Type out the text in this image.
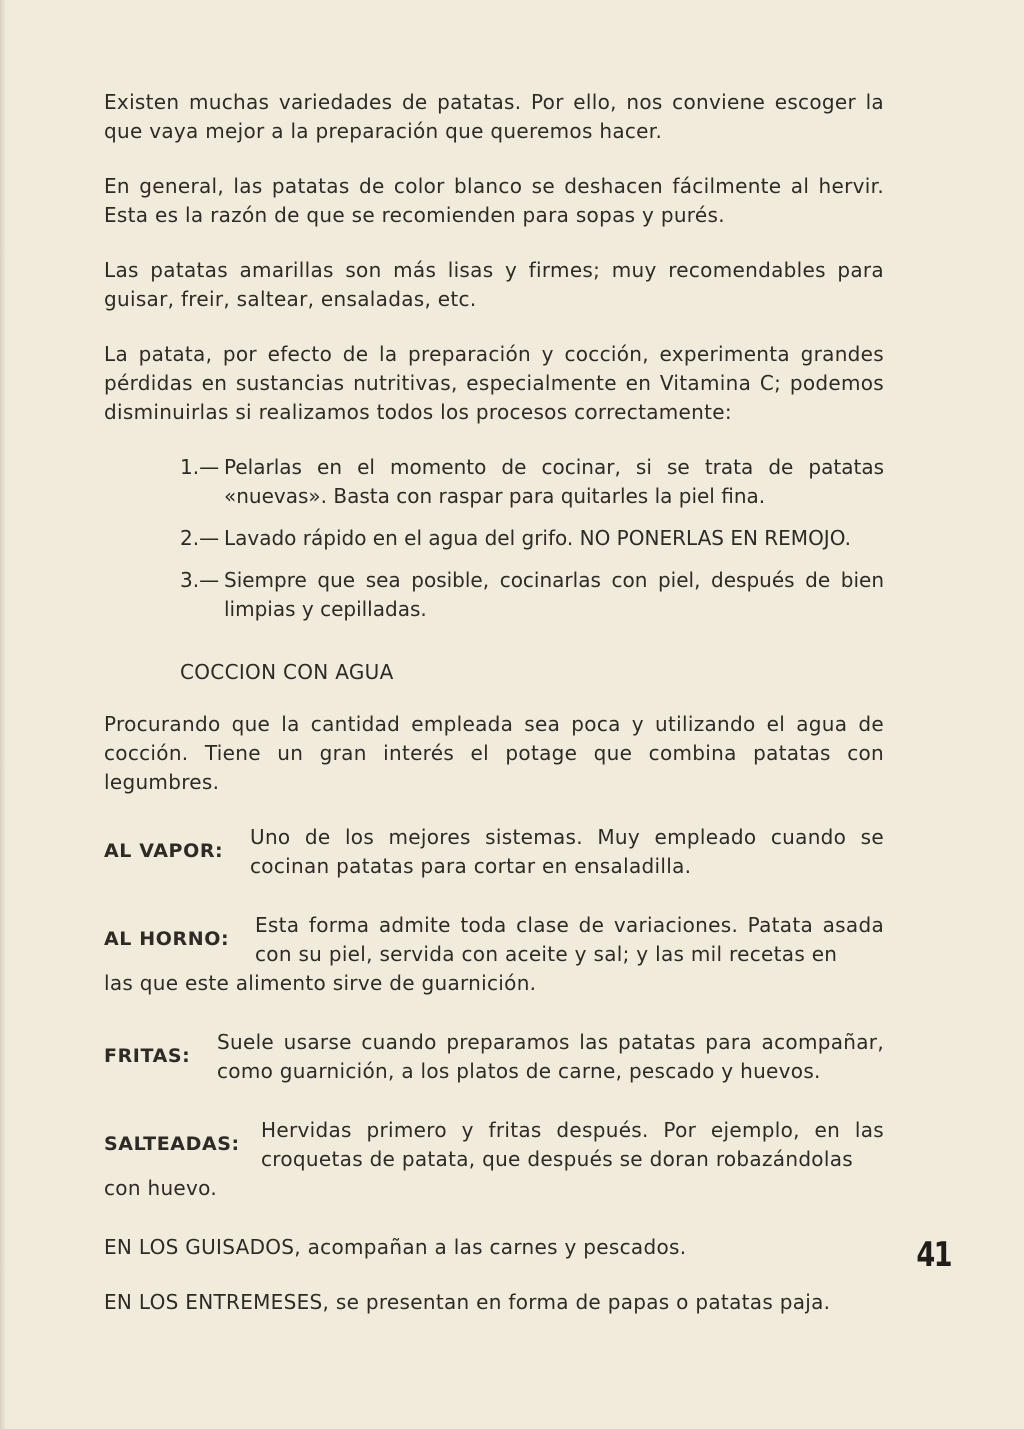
Existen muchas variedades de patatas. Por ello, nos conviene escoger la que vaya mejor a la preparación que queremos hacer.

En general, las patatas de color blanco se deshacen fácilmente al hervir. Esta es la razón de que se recomienden para sopas y purés.

Las patatas amarillas son más lisas y firmes; muy recomendables para guisar, freir, saltear, ensaladas, etc.

La patata, por efecto de la preparación y cocción, experimenta grandes pérdidas en sustancias nutritivas, especialmente en Vitamina C; podemos disminuirlas si realizamos todos los procesos correctamente:

1.— Pelarlas en el momento de cocinar, si se trata de patatas «nuevas». Basta con raspar para quitarles la piel fina.
2.— Lavado rápido en el agua del grifo. NO PONERLAS EN REMOJO.
3.— Siempre que sea posible, cocinarlas con piel, después de bien limpias y cepilladas.

COCCION CON AGUA

Procurando que la cantidad empleada sea poca y utilizando el agua de cocción. Tiene un gran interés el potage que combina patatas con legumbres.

AL VAPOR:

Uno de los mejores sistemas. Muy empleado cuando se cocinan patatas para cortar en ensaladilla.

AL HORNO:

Esta forma admite toda clase de variaciones. Patata asada con su piel, servida con aceite y sal; y las mil recetas en

las que este alimento sirve de guarnición.

FRITAS:

Suele usarse cuando preparamos las patatas para acompañar, como guarnición, a los platos de carne, pescado y huevos.

SALTEADAS:

Hervidas primero y fritas después. Por ejemplo, en las croquetas de patata, que después se doran robazándolas

con huevo.

EN LOS GUISADOS, acompañan a las carnes y pescados.

EN LOS ENTREMESES, se presentan en forma de papas o patatas paja.

41
